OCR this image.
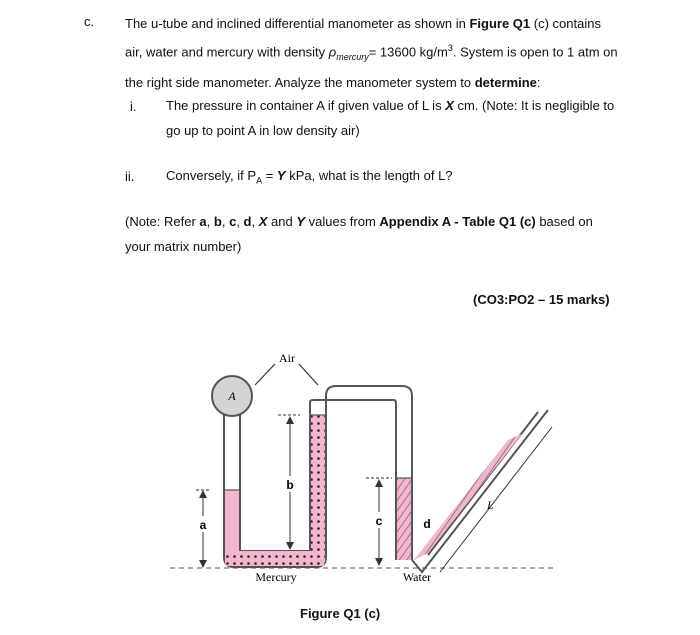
c. The u-tube and inclined differential manometer as shown in Figure Q1 (c) contains air, water and mercury with density $\rho_{mercury}= 13600$ $kg/m^3$. System is open to 1 atm on the right side manometer. Analyze the manometer system to determine:
i. The pressure in container A if given value of L is X cm. (Note: It is negligible to go up to point A in low density air)
ii. Conversely, if $P_A = Y$ kPa, what is the length of L?
(Note: Refer a, b, c, d, X and Y values from Appendix A - Table Q1 (c) based on your matrix number)
(CO3:PO2 – 15 marks)
A
Air
a
b
c	d
L
Mercury	Water
Figure Q1 (c)
